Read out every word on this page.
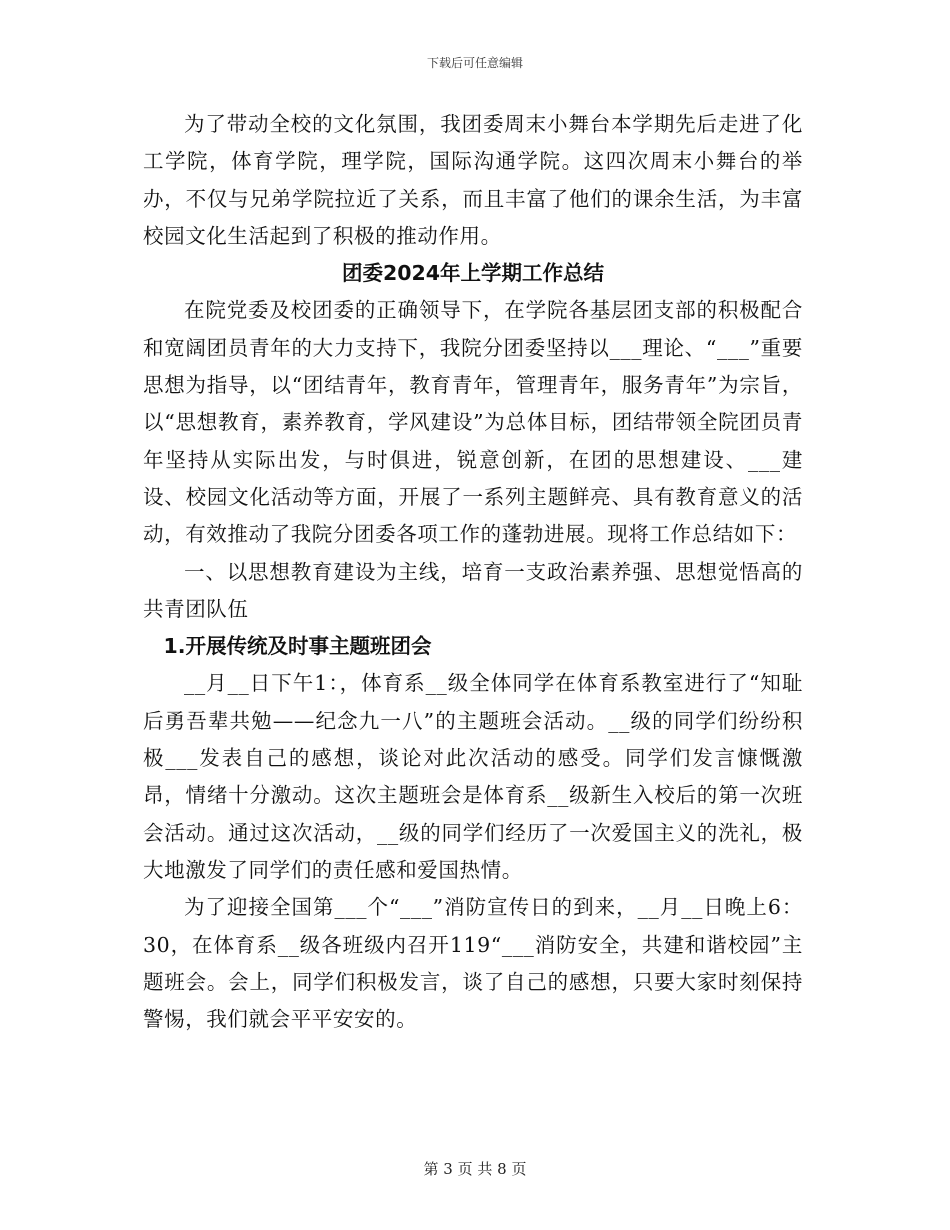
下载后可任意编辑

为了带动全校的文化氛围，我团委周末小舞台本学期先后走进了化工学院，体育学院，理学院，国际沟通学院。这四次周末小舞台的举办，不仅与兄弟学院拉近了关系，而且丰富了他们的课余生活，为丰富校园文化生活起到了积极的推动作用。

团委2024年上学期工作总结

在院党委及校团委的正确领导下，在学院各基层团支部的积极配合和宽阔团员青年的大力支持下，我院分团委坚持以___理论、“___”重要思想为指导，以“团结青年，教育青年，管理青年，服务青年”为宗旨，以“思想教育，素养教育，学风建设”为总体目标，团结带领全院团员青年坚持从实际出发，与时俱进，锐意创新，在团的思想建设、___建设、校园文化活动等方面，开展了一系列主题鲜亮、具有教育意义的活动，有效推动了我院分团委各项工作的蓬勃进展。现将工作总结如下：

一、以思想教育建设为主线，培育一支政治素养强、思想觉悟高的共青团队伍

1.开展传统及时事主题班团会

__月__日下午1：，体育系__级全体同学在体育系教室进行了“知耻后勇吾辈共勉——纪念九一八”的主题班会活动。__级的同学们纷纷积极___发表自己的感想，谈论对此次活动的感受。同学们发言慷慨激昂，情绪十分激动。这次主题班会是体育系__级新生入校后的第一次班会活动。通过这次活动，__级的同学们经历了一次爱国主义的洗礼，极大地激发了同学们的责任感和爱国热情。

为了迎接全国第___个“___”消防宣传日的到来，__月__日晚上6：30，在体育系__级各班级内召开119“___消防安全，共建和谐校园”主题班会。会上，同学们积极发言，谈了自己的感想，只要大家时刻保持警惕，我们就会平平安安的。

第 3 页 共 8 页
